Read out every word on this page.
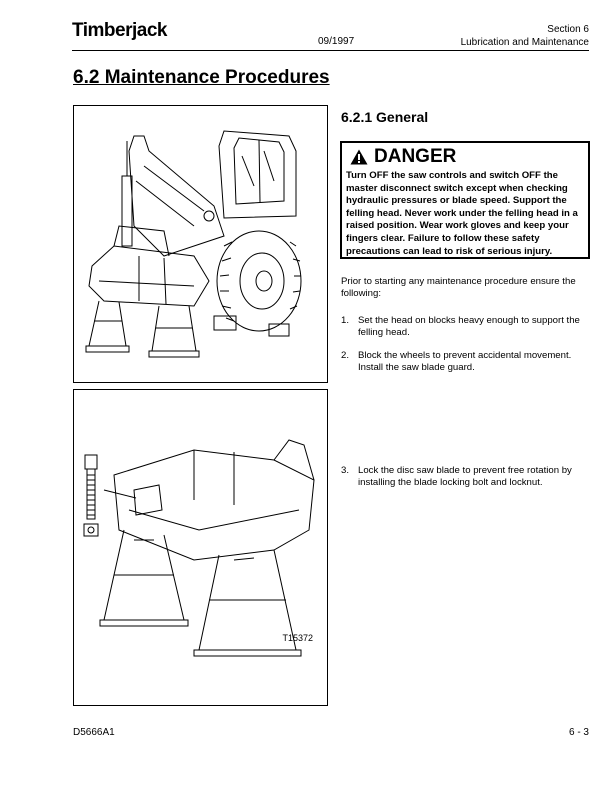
Timberjack
09/1997
Section 6
Lubrication and Maintenance
6.2 Maintenance Procedures
T15372
6.2.1 General
DANGER
Turn OFF the saw controls and switch OFF the master disconnect switch except when checking hydraulic pressures or blade speed. Support the felling head. Never work under the felling head in a raised position. Wear work gloves and keep your fingers clear. Failure to follow these safety precautions can lead to risk of serious injury.
Prior to starting any maintenance procedure ensure the following:
1. Set the head on blocks heavy enough to support the felling head.
2. Block the wheels to prevent accidental movement. Install the saw blade guard.
3. Lock the disc saw blade to prevent free rotation by installing the blade locking bolt and locknut.
D5666A1	6 - 3
